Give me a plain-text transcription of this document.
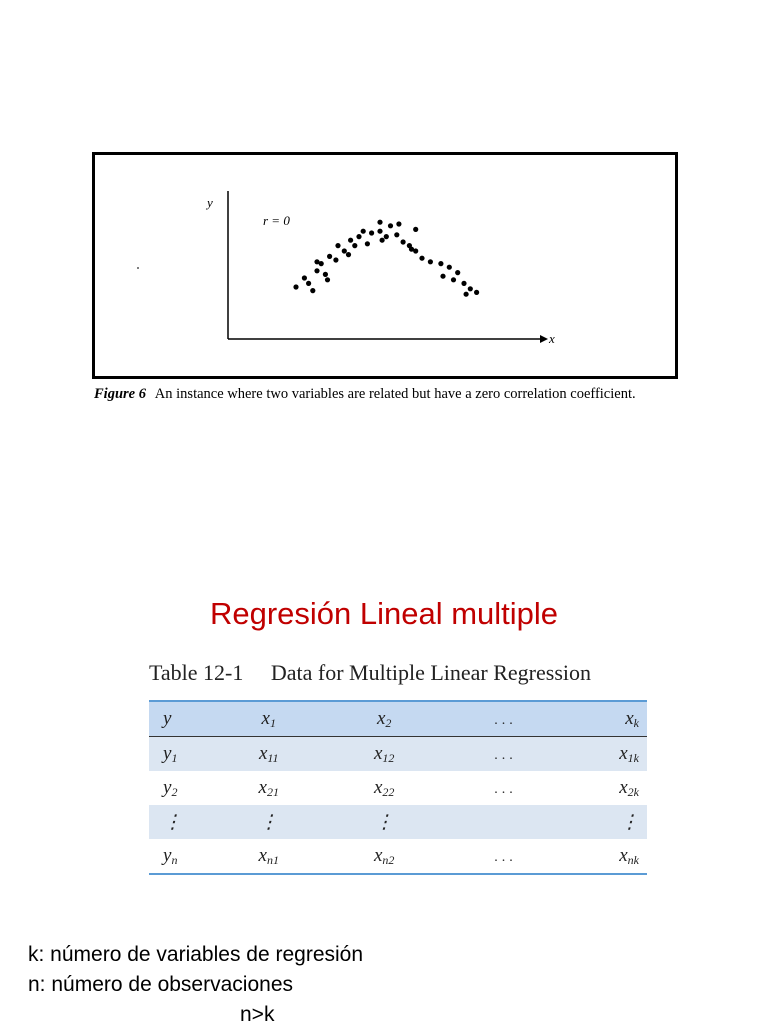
y
x
r = 0
Figure 6 An instance where two variables are related but have a zero correlation coefficient.
Regresión Lineal multiple
Table 12-1 Data for Multiple Linear Regression
y	$x_1$	$x_2$	...	$x_k$
$y_1$	$x_{11}$	$x_{12}$	...	$x_{1k}$
$y_2$	$x_{21}$	$x_{22}$	...	$x_{2k}$
⋮	⋮	⋮		⋮
$y_n$	$x_{n1}$	$x_{n2}$	...	$x_{nk}$
k: número de variables de regresión
n: número de observaciones
n>k
